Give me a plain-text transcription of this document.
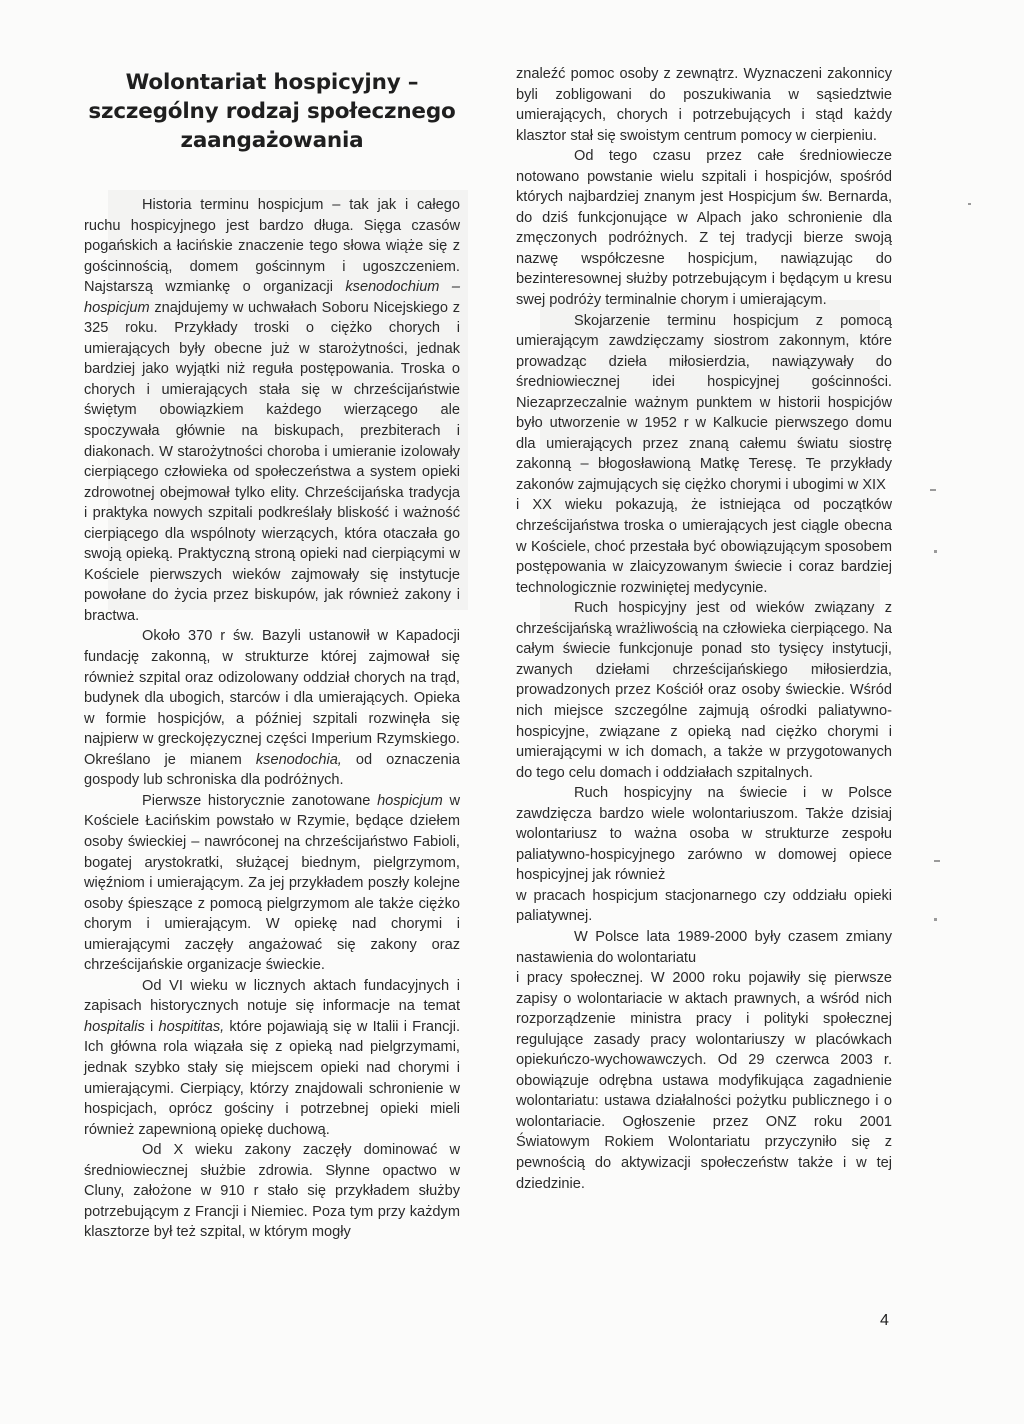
Wolontariat hospicyjny – szczególny rodzaj społecznego zaangażowania

Historia terminu hospicjum – tak jak i całego ruchu hospicyjnego jest bardzo długa. Sięga czasów pogańskich a łacińskie znaczenie tego słowa wiąże się z gościnnością, domem gościnnym i ugoszczeniem. Najstarszą wzmiankę o organizacji ksenodochium – hospicjum znajdujemy w uchwałach Soboru Nicejskiego z 325 roku. Przykłady troski o ciężko chorych i umierających były obecne już w starożytności, jednak bardziej jako wyjątki niż reguła postępowania. Troska o chorych i umierających stała się w chrześcijaństwie świętym obowiązkiem każdego wierzącego ale spoczywała głównie na biskupach, prezbiterach i diakonach. W starożytności choroba i umieranie izolowały cierpiącego człowieka od społeczeństwa a system opieki zdrowotnej obejmował tylko elity. Chrześcijańska tradycja i praktyka nowych szpitali podkreślały bliskość i ważność cierpiącego dla wspólnoty wierzących, która otaczała go swoją opieką. Praktyczną stroną opieki nad cierpiącymi w Kościele pierwszych wieków zajmowały się instytucje powołane do życia przez biskupów, jak również zakony i bractwa.

Około 370 r św. Bazyli ustanowił w Kapadocji fundację zakonną, w strukturze której zajmował się również szpital oraz odizolowany oddział chorych na trąd, budynek dla ubogich, starców i dla umierających. Opieka w formie hospicjów, a później szpitali rozwinęła się najpierw w greckojęzycznej części Imperium Rzymskiego. Określano je mianem ksenodochia, od oznaczenia gospody lub schroniska dla podróżnych.

Pierwsze historycznie zanotowane hospicjum w Kościele Łacińskim powstało w Rzymie, będące dziełem osoby świeckiej – nawróconej na chrześcijaństwo Fabioli, bogatej arystokratki, służącej biednym, pielgrzymom, więźniom i umierającym. Za jej przykładem poszły kolejne osoby śpieszące z pomocą pielgrzymom ale także ciężko chorym i umierającym. W opiekę nad chorymi i umierającymi zaczęły angażować się zakony oraz chrześcijańskie organizacje świeckie.

Od VI wieku w licznych aktach fundacyjnych i zapisach historycznych notuje się informacje na temat hospitalis i hospititas, które pojawiają się w Italii i Francji. Ich główna rola wiązała się z opieką nad pielgrzymami, jednak szybko stały się miejscem opieki nad chorymi i umierającymi. Cierpiący, którzy znajdowali schronienie w hospicjach, oprócz gościny i potrzebnej opieki mieli również zapewnioną opiekę duchową.

Od X wieku zakony zaczęły dominować w średniowiecznej służbie zdrowia. Słynne opactwo w Cluny, założone w 910 r stało się przykładem służby potrzebującym z Francji i Niemiec. Poza tym przy każdym klasztorze był też szpital, w którym mogły

znaleźć pomoc osoby z zewnątrz. Wyznaczeni zakonnicy byli zobligowani do poszukiwania w sąsiedztwie umierających, chorych i potrzebujących i stąd każdy klasztor stał się swoistym centrum pomocy w cierpieniu.

Od tego czasu przez całe średniowiecze notowano powstanie wielu szpitali i hospicjów, spośród których najbardziej znanym jest Hospicjum św. Bernarda, do dziś funkcjonujące w Alpach jako schronienie dla zmęczonych podróżnych. Z tej tradycji bierze swoją nazwę współczesne hospicjum, nawiązując do bezinteresownej służby potrzebującym i będącym u kresu swej podróży terminalnie chorym i umierającym.

Skojarzenie terminu hospicjum z pomocą umierającym zawdzięczamy siostrom zakonnym, które prowadząc dzieła miłosierdzia, nawiązywały do średniowiecznej idei hospicyjnej gościnności. Niezaprzeczalnie ważnym punktem w historii hospicjów było utworzenie w 1952 r w Kalkucie pierwszego domu dla umierających przez znaną całemu światu siostrę zakonną – błogosławioną Matkę Teresę. Te przykłady zakonów zajmujących się ciężko chorymi i ubogimi w XIX

i XX wieku pokazują, że istniejąca od początków chrześcijaństwa troska o umierających jest ciągle obecna w Kościele, choć przestała być obowiązującym sposobem postępowania w zlaicyzowanym świecie i coraz bardziej technologicznie rozwiniętej medycynie.

Ruch hospicyjny jest od wieków związany z chrześcijańską wrażliwością na człowieka cierpiącego. Na całym świecie funkcjonuje ponad sto tysięcy instytucji, zwanych dziełami chrześcijańskiego miłosierdzia, prowadzonych przez Kościół oraz osoby świeckie. Wśród nich miejsce szczególne zajmują ośrodki paliatywno-hospicyjne, związane z opieką nad ciężko chorymi i umierającymi w ich domach, a także w przygotowanych do tego celu domach i oddziałach szpitalnych.

Ruch hospicyjny na świecie i w Polsce zawdzięcza bardzo wiele wolontariuszom. Także dzisiaj wolontariusz to ważna osoba w strukturze zespołu paliatywno-hospicyjnego zarówno w domowej opiece hospicyjnej jak również

w pracach hospicjum stacjonarnego czy oddziału opieki paliatywnej.

W Polsce lata 1989-2000 były czasem zmiany nastawienia do wolontariatu

i pracy społecznej. W 2000 roku pojawiły się pierwsze zapisy o wolontariacie w aktach prawnych, a wśród nich rozporządzenie ministra pracy i polityki społecznej regulujące zasady pracy wolontariuszy w placówkach opiekuńczo-wychowawczych. Od 29 czerwca 2003 r. obowiązuje odrębna ustawa modyfikująca zagadnienie wolontariatu: ustawa działalności pożytku publicznego i o wolontariacie. Ogłoszenie przez ONZ roku 2001 Światowym Rokiem Wolontariatu przyczyniło się z pewnością do aktywizacji społeczeństw także i w tej dziedzinie.

4
